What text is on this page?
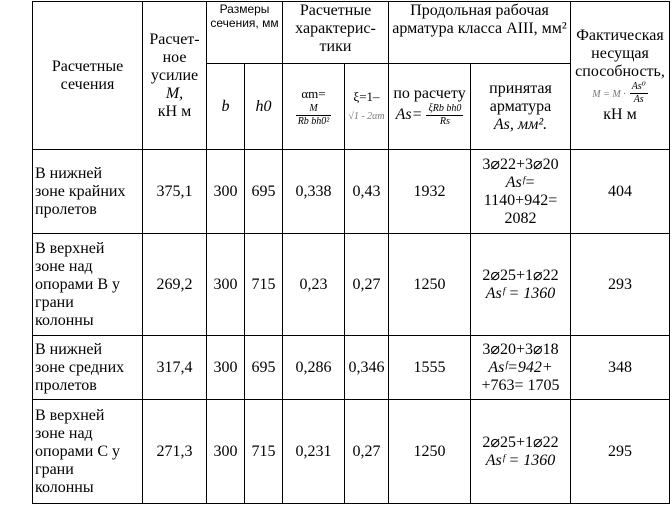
Расчетные сечения	Расчет-
ное
усилие
M,
кН м	Размеры сечения, мм		Расчетные характерис-тики		Продольная рабочая арматура класса АIII, мм²		Фактическая несущая способность,
$M = M \cdot \frac{\text{As⁰}}{As}$

кН м
		b	h0	αm=

$\frac{M}{\text{Rb bh0²}}$	ξ=1–
√1 - 2αm	по расчету
$As= \frac{\text{ξRb bh0}}{Rs}$	принятая арматура
As, мм².	
В нижней
зоне крайних
пролетов	375,1	300	695	0,338	0,43	1932	3⌀22+3⌀20
Asᶠ=
1140+942=
2082	404
В верхней
зоне над
опорами В у
грани
колонны	269,2	300	715	0,23	0,27	1250	2⌀25+1⌀22
Asᶠ = 1360	293
В нижней
зоне средних
пролетов	317,4	300	695	0,286	0,346	1555	3⌀20+3⌀18
Asᶠ=942+
+763= 1705	348
В верхней
зоне над
опорами С у
грани
колонны	271,3	300	715	0,231	0,27	1250	2⌀25+1⌀22
Asᶠ = 1360	295
